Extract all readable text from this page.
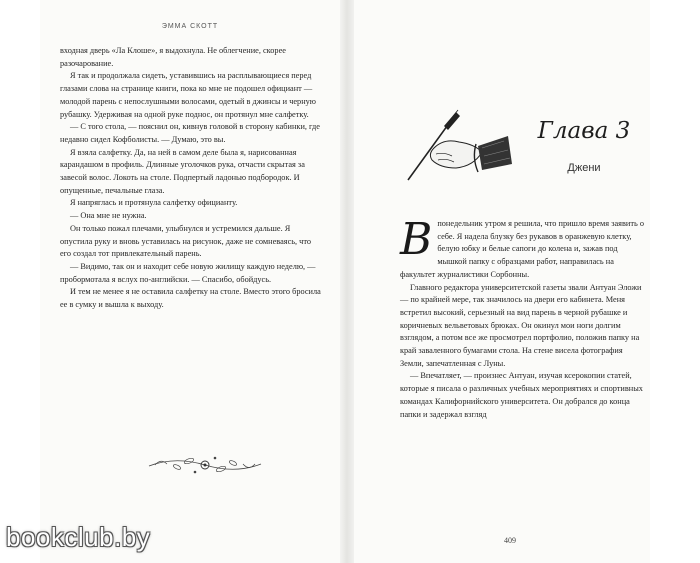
ЭММА СКОТТ

входная дверь «Ла Клоше», я выдохнула. Не облегчение, скорее разочарование.

Я так и продолжала сидеть, уставившись на расплывающиеся перед глазами слова на странице книги, пока ко мне не подошел официант — молодой парень с непослушными волосами, одетый в джинсы и черную рубашку. Удерживая на одной руке поднос, он протянул мне салфетку.

— С того стола, — пояснил он, кивнув головой в сторону кабинки, где недавно сидел Кофболисты. — Думаю, это вы.

Я взяла салфетку. Да, на ней в самом деле была я, нарисованная карандашом в профиль. Длинные уголочков рука, отчасти скрытая за завесой волос. Локоть на столе. Подпертый ладонью подбородок. И опущенные, печальные глаза.

Я напряглась и протянула салфетку официанту.

— Она мне не нужна.

Он только пожал плечами, улыбнулся и устремился дальше. Я опустила руку и вновь уставилась на рисунок, даже не сомневаясь, что его создал тот привлекательный парень.

— Видимо, так он и находит себе новую жилищу каждую неделю, — пробормотала я вслух по-английски. — Спасибо, обойдусь.

И тем не менее я не оставила салфетку на столе. Вместо этого бросила ее в сумку и вышла к выходу.

Глава 3
Джени

В понедельник утром я решила, что пришло время заявить о себе. Я надела блузку без рукавов в оранжевую клетку, белую юбку и белые сапоги до колена и, зажав под мышкой папку с образцами работ, направилась на факультет журналистики Сорбонны.

Главного редактора университетской газеты звали Антуан Эложи — по крайней мере, так значилось на двери его кабинета. Меня встретил высокий, серьезный на вид парень в черной рубашке и коричневых вельветовых брюках. Он окинул мои ноги долгим взглядом, а потом все же просмотрел портфолио, положив папку на край заваленного бумагами стола. На стене висела фотография Земли, запечатленная с Луны.

— Впечатляет, — произнес Антуан, изучая ксерокопии статей, которые я писала о различных учебных мероприятиях и спортивных командах Калифорнийского университета. Он добрался до конца папки и задержал взгляд

409
bookclub.by
